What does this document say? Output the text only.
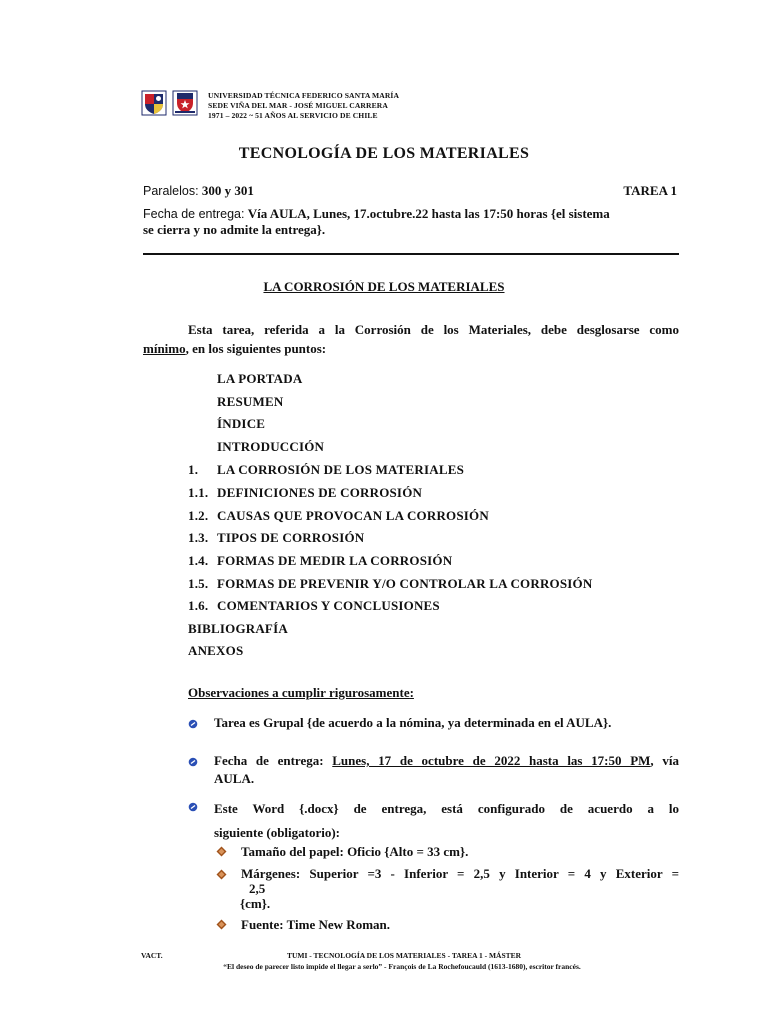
UNIVERSIDAD TÉCNICA FEDERICO SANTA MARÍA
SEDE VIÑA DEL MAR - JOSÉ MIGUEL CARRERA
1971 – 2022 ~ 51 AÑOS AL SERVICIO DE CHILE
TECNOLOGÍA DE LOS MATERIALES
Paralelos: 300 y 301	TAREA 1
Fecha de entrega: Vía AULA, Lunes, 17.octubre.22 hasta las 17:50 horas {el sistema
se cierra y no admite la entrega}.
LA CORROSIÓN DE LOS MATERIALES
Esta tarea, referida a la Corrosión de los Materiales, debe desglosarse como
mínimo, en los siguientes puntos:
LA PORTADA
RESUMEN
ÍNDICE
INTRODUCCIÓN
1. LA CORROSIÓN DE LOS MATERIALES
1.1. DEFINICIONES DE CORROSIÓN
1.2. CAUSAS QUE PROVOCAN LA CORROSIÓN
1.3. TIPOS DE CORROSIÓN
1.4. FORMAS DE MEDIR LA CORROSIÓN
1.5. FORMAS DE PREVENIR Y/O CONTROLAR LA CORROSIÓN
1.6. COMENTARIOS Y CONCLUSIONES
BIBLIOGRAFÍA
ANEXOS
Observaciones a cumplir rigurosamente:
Tarea es Grupal {de acuerdo a la nómina, ya determinada en el AULA}.
Fecha de entrega: Lunes, 17 de octubre de 2022 hasta las 17:50 PM, vía
AULA.
Este Word {.docx} de entrega, está configurado de acuerdo a lo
siguiente (obligatorio):
Tamaño del papel: Oficio {Alto = 33 cm}.
Márgenes: Superior =3 - Inferior = 2,5 y Interior = 4 y Exterior =
2,5
{cm}.
Fuente: Time New Roman.
VACT.	TUMI - TECNOLOGÍA DE LOS MATERIALES - TAREA 1 - MÁSTER
“El deseo de parecer listo impide el llegar a serlo” - François de La Rochefoucauld (1613-1680), escritor francés.
